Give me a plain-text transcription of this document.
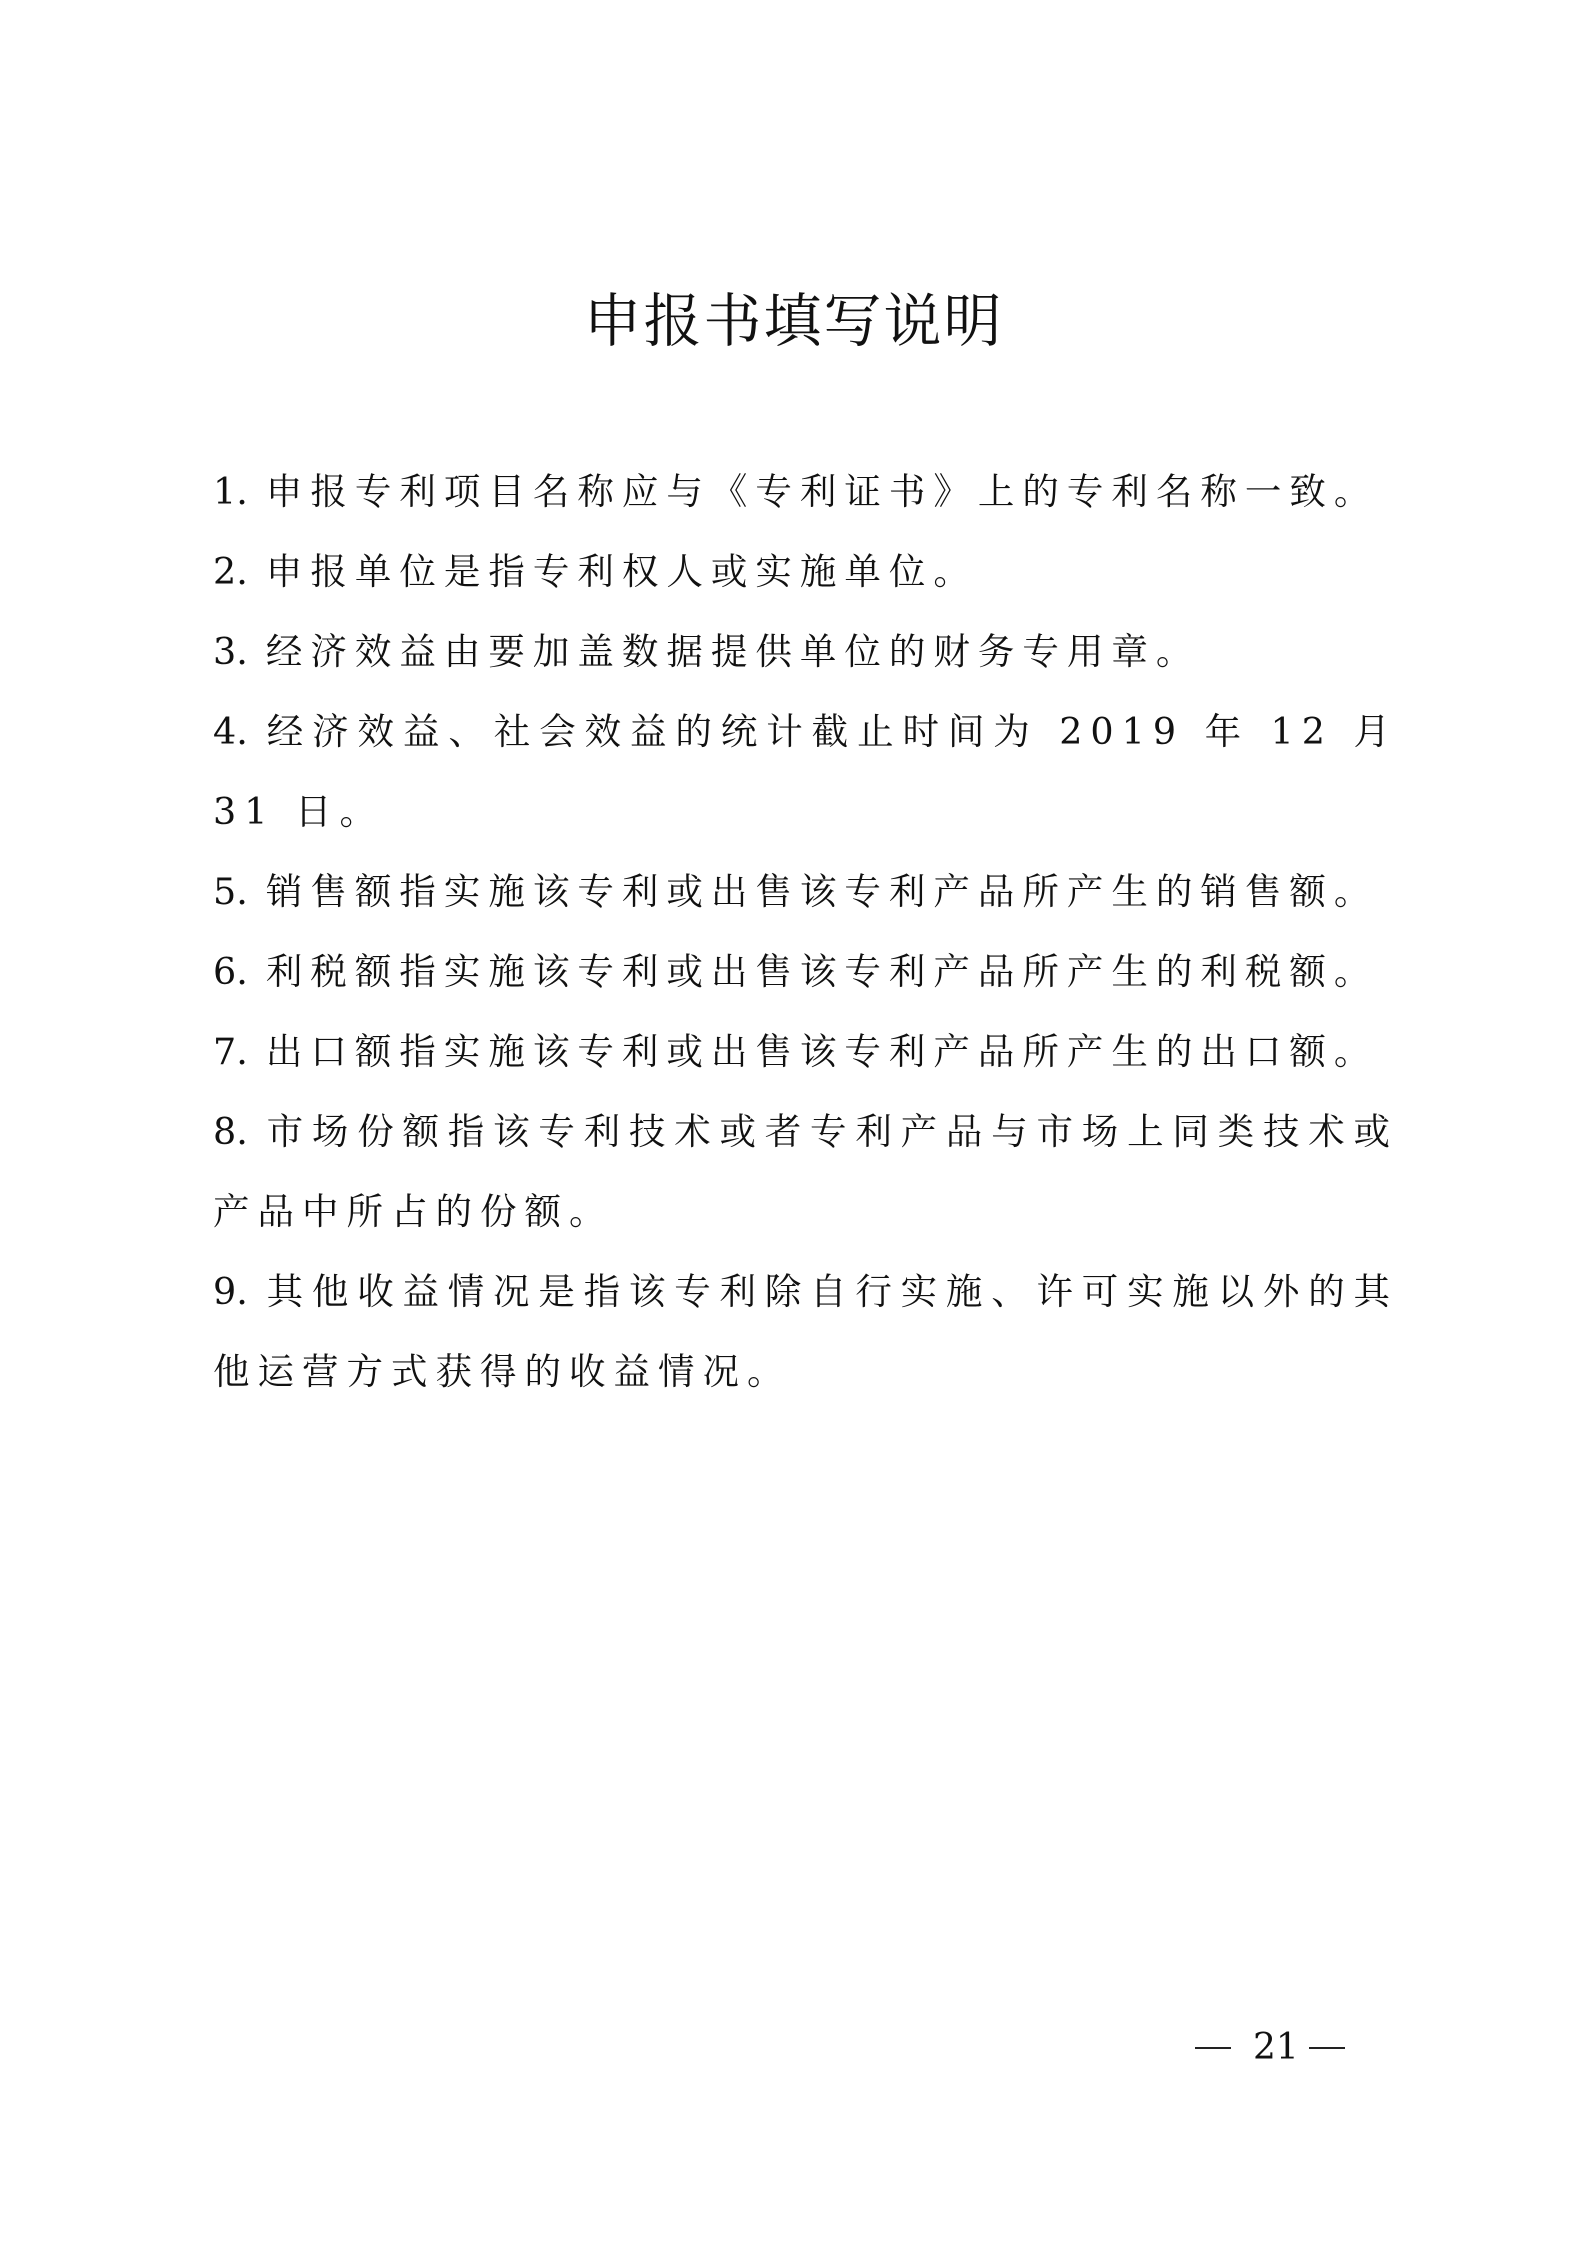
申报书填写说明
1. 申报专利项目名称应与《专利证书》上的专利名称一致。
2. 申报单位是指专利权人或实施单位。
3. 经济效益由要加盖数据提供单位的财务专用章。
4. 经济效益、社会效益的统计截止时间为 2019 年 12 月 31 日。
5. 销售额指实施该专利或出售该专利产品所产生的销售额。
6. 利税额指实施该专利或出售该专利产品所产生的利税额。
7. 出口额指实施该专利或出售该专利产品所产生的出口额。
8. 市场份额指该专利技术或者专利产品与市场上同类技术或产品中所占的份额。
9. 其他收益情况是指该专利除自行实施、许可实施以外的其他运营方式获得的收益情况。
21
